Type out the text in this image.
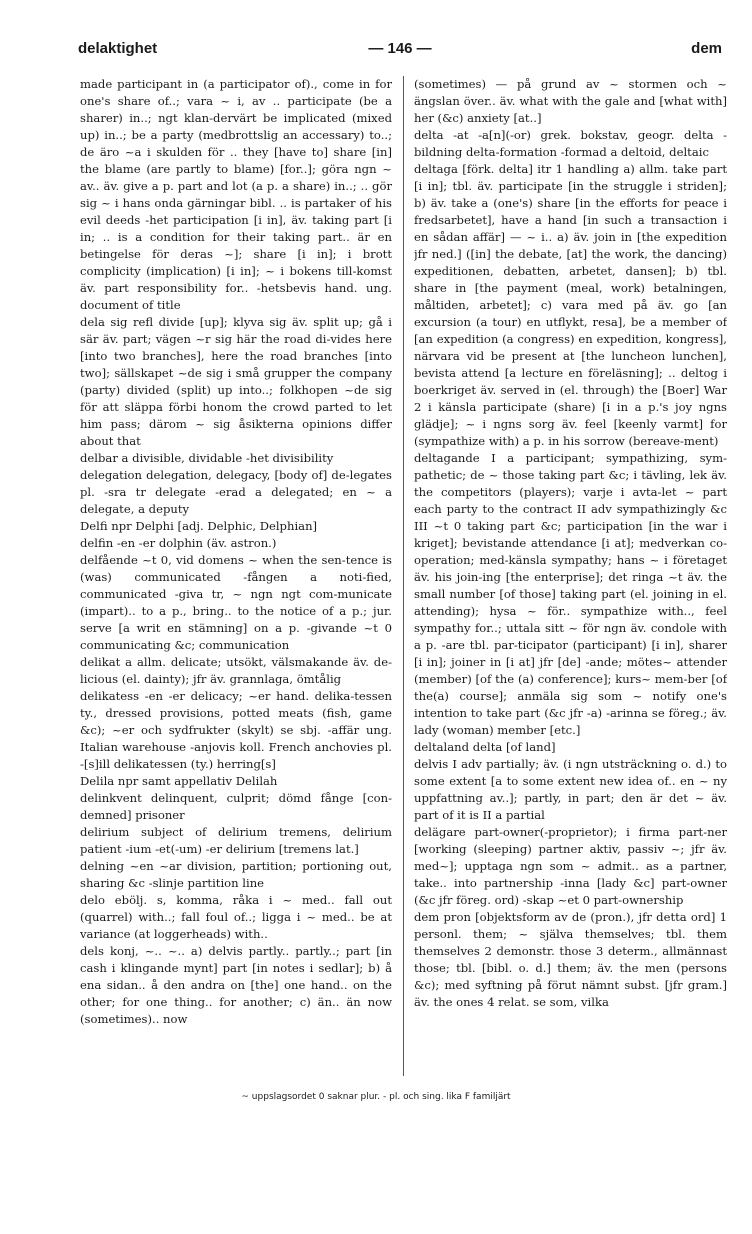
delaktighet	— 146 —	dem

made participant in (a participator of)., come in for one's share of..; vara ~ i, av .. participate (be a sharer) in..; ngt klan-dervärt be implicated (mixed up) in..; be a party (medbrottslig an accessary) to..; de äro ~a i skulden för .. they [have to] share [in] the blame (are partly to blame) [for..]; göra ngn ~ av.. äv. give a p. part and lot (a p. a share) in..; .. gör sig ~ i hans onda gärningar bibl. .. is partaker of his evil deeds -het participation [i in], äv. taking part [i in; .. is a condition for their taking part.. är en betingelse för deras ~]; share [i in]; i brott complicity (implication) [i in]; ~ i bokens till-komst äv. part responsibility for.. -hetsbevis hand. ung. document of title

dela sig refl divide [up]; klyva sig äv. split up; gå i sär äv. part; vägen ~r sig här the road di-vides here [into two branches], here the road branches [into two]; sällskapet ~de sig i små grupper the company (party) divided (split) up into..; folkhopen ~de sig för att släppa förbi honom the crowd parted to let him pass; därom ~ sig åsikterna opinions differ about that

delbar a divisible, dividable -het divisibility

delegation delegation, delegacy, [body of] de-legates pl. -sra tr delegate -erad a delegated; en ~ a delegate, a deputy

Delfi npr Delphi [adj. Delphic, Delphian]

delfin -en -er dolphin (äv. astron.)

delfående ~t 0, vid domens ~ when the sen-tence is (was) communicated -fången a noti-fied, communicated -giva tr, ~ ngn ngt com-municate (impart).. to a p., bring.. to the notice of a p.; jur. serve [a writ en stämning] on a p. -givande ~t 0 communicating &c; communication

delikat a allm. delicate; utsökt, välsmakande äv. de-licious (el. dainty); jfr äv. grannlaga, ömtålig

delikatess -en -er delicacy; ~er hand. delika-tessen ty., dressed provisions, potted meats (fish, game &c); ~er och sydfrukter (skylt) se sbj. -affär ung. Italian warehouse -anjovis koll. French anchovies pl. -[s]ill delikatessen (ty.) herring[s]

Delila npr samt appellativ Delilah

delinkvent delinquent, culprit; dömd fånge [con-demned] prisoner

delirium subject of delirium tremens, delirium patient -ium -et(-um) -er delirium [tremens lat.]

delning ~en ~ar division, partition; portioning out, sharing &c -slinje partition line

delo ebölj. s, komma, råka i ~ med.. fall out (quarrel) with..; fall foul of..; ligga i ~ med.. be at variance (at loggerheads) with..

dels konj, ~.. ~.. a) delvis partly.. partly..; part [in cash i klingande mynt] part [in notes i sedlar]; b) å ena sidan.. å den andra on [the] one hand.. on the other; for one thing.. for another; c) än.. än now (sometimes).. now

(sometimes) — på grund av ~ stormen och ~ ängslan över.. äv. what with the gale and [what with] her (&c) anxiety [at..]

delta -at -a[n](-or) grek. bokstav, geogr. delta -bildning delta-formation -formad a deltoid, deltaic

deltaga [förk. delta] itr 1 handling a) allm. take part [i in]; tbl. äv. participate [in the struggle i striden]; b) äv. take a (one's) share [in the efforts for peace i fredsarbetet], have a hand [in such a transaction i en sådan affär] — ~ i.. a) äv. join in [the expedition jfr ned.] ([in] the debate, [at] the work, the dancing) expeditionen, debatten, arbetet, dansen]; b) tbl. share in [the payment (meal, work) betalningen, måltiden, arbetet]; c) vara med på äv. go [an excursion (a tour) en utflykt, resa], be a member of [an expedition (a congress) en expedition, kongress], närvara vid be present at [the luncheon lunchen], bevista attend [a lecture en föreläsning]; .. deltog i boerkriget äv. served in (el. through) the [Boer] War 2 i känsla participate (share) [i in a p.'s joy ngns glädje]; ~ i ngns sorg äv. feel [keenly varmt] for (sympathize with) a p. in his sorrow (bereave-ment)

deltagande I a participant; sympathizing, sym-pathetic; de ~ those taking part &c; i tävling, lek äv. the competitors (players); varje i avta-let ~ part each party to the contract II adv sympathizingly &c III ~t 0 taking part &c; participation [in the war i kriget]; bevistande attendance [i at]; medverkan co-operation; med-känsla sympathy; hans ~ i företaget äv. his join-ing [the enterprise]; det ringa ~t äv. the small number [of those] taking part (el. joining in el. attending); hysa ~ för.. sympathize with.., feel sympathy for..; uttala sitt ~ för ngn äv. condole with a p. -are tbl. par-ticipator (participant) [i in], sharer [i in]; joiner in [i at] jfr [de] -ande; mötes~ attender (member) [of the (a) conference]; kurs~ mem-ber [of the(a) course]; anmäla sig som ~ notify one's intention to take part (&c jfr -a) -arinna se föreg.; äv. lady (woman) member [etc.]

deltaland delta [of land]

delvis I adv partially; äv. (i ngn utsträckning o. d.) to some extent [a to some extent new idea of.. en ~ ny uppfattning av..]; partly, in part; den är det ~ äv. part of it is II a partial

delägare part-owner(-proprietor); i firma part-ner [working (sleeping) partner aktiv, passiv ~; jfr äv. med~]; upptaga ngn som ~ admit.. as a partner, take.. into partnership -inna [lady &c] part-owner (&c jfr föreg. ord) -skap ~et 0 part-ownership

dem pron [objektsform av de (pron.), jfr detta ord] 1 personl. them; ~ själva themselves; tbl. them themselves 2 demonstr. those 3 determ., allmännast those; tbl. [bibl. o. d.] them; äv. the men (persons &c); med syftning på förut nämnt subst. [jfr gram.] äv. the ones 4 relat. se som, vilka

~ uppslagsordet 0 saknar plur. - pl. och sing. lika F familjärt
